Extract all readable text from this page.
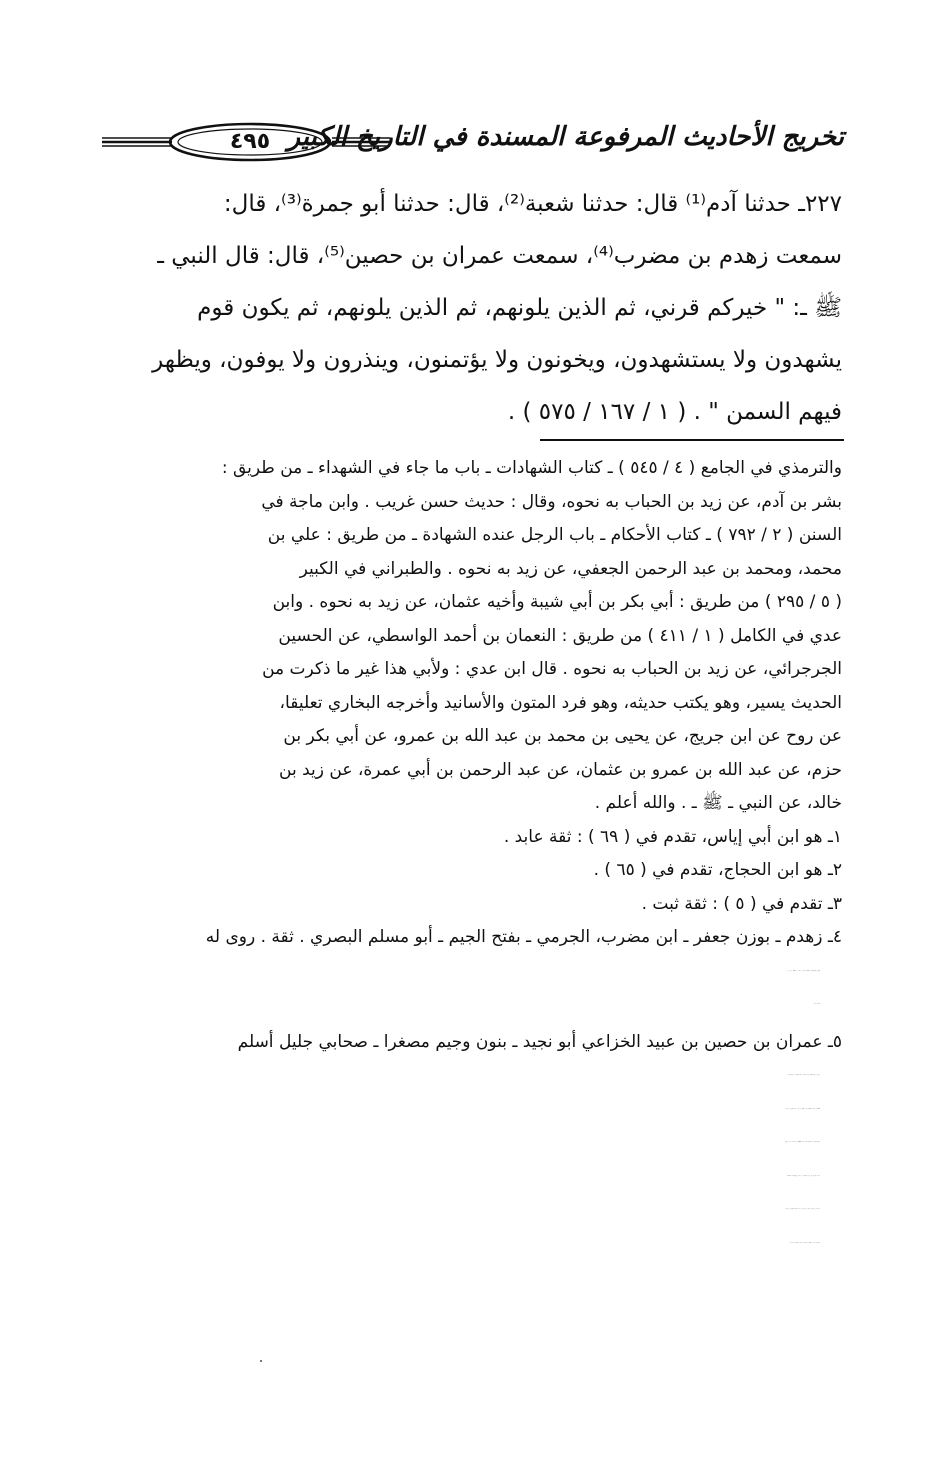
٤٩٥ تخريج الأحاديث المرفوعة المسندة في التاريخ الكبير
٢٢٧ـ حدثنا آدم⁽¹⁾ قال: حدثنا شعبة⁽²⁾، قال: حدثنا أبو جمرة⁽³⁾، قال:
سمعت زهدم بن مضرب⁽⁴⁾، سمعت عمران بن حصين⁽⁵⁾، قال: قال النبي ـ
ﷺ ـ: " خيركم قرني، ثم الذين يلونهم، ثم الذين يلونهم، ثم يكون قوم
يشهدون ولا يستشهدون، ويخونون ولا يؤتمنون، وينذرون ولا يوفون، ويظهر
فيهم السمن " . ( ١ / ١٦٧ / ٥٧٥ ) .
والترمذي في الجامع ( ٤ / ٥٤٥ ) ـ كتاب الشهادات ـ باب ما جاء في الشهداء ـ من طريق :
بشر بن آدم، عن زيد بن الحباب به نحوه، وقال : حديث حسن غريب . وابن ماجة في
السنن ( ٢ / ٧٩٢ ) ـ كتاب الأحكام ـ باب الرجل عنده الشهادة ـ من طريق : علي بن
محمد، ومحمد بن عبد الرحمن الجعفي، عن زيد به نحوه . والطبراني في الكبير
( ٥ / ٢٩٥ ) من طريق : أبي بكر بن أبي شيبة وأخيه عثمان، عن زيد به نحوه . وابن
عدي في الكامل ( ١ / ٤١١ ) من طريق : النعمان بن أحمد الواسطي، عن الحسين
الجرجرائي، عن زيد بن الحباب به نحوه . قال ابن عدي : ولأبي هذا غير ما ذكرت من
الحديث يسير، وهو يكتب حديثه، وهو فرد المتون والأسانيد وأخرجه البخاري تعليقا،
عن روح عن ابن جريج، عن يحيى بن محمد بن عبد الله بن عمرو، عن أبي بكر بن
حزم، عن عبد الله بن عمرو بن عثمان، عن عبد الرحمن بن أبي عمرة، عن زيد بن
خالد، عن النبي ـ ﷺ ـ . والله أعلم .
١ـ هو ابن أبي إياس، تقدم في ( ٦٩ ) : ثقة عابد .
٢ـ هو ابن الحجاج، تقدم في ( ٦٥ ) .
٣ـ تقدم في ( ٥ ) : ثقة ثبت .
٤ـ زهدم ـ بوزن جعفر ـ ابن مضرب، الجرمي ـ بفتح الجيم ـ أبو مسلم البصري . ثقة . روى له
البخاري ومسلم والترمذي والنسائي . الجرح ( ٣ / ٦١٧ )، ت . الكمال ( ١ / ٤٣٣ )،
التقريب ( ٢١٧ ) .
٥ـ عمران بن حصين بن عبيد الخزاعي أبو نجيد ـ بنون وجيم مصغرا ـ صحابي جليل أسلم
عام خيبر . وقضى بالكوفة . مات سنة اثنتين وخمسين بالبصرة . ـ رضي الله عنه ـ .
الطبقات ( ٤ / ٢٧٨ )، المشاهير ( ٣٧ )، الإصابة ( ٣ / ٢٧ ) . اخرجه البخاري في صحيحه
( الفتح ٥ / ٢٥٨ ) من هذا الوجه مثله . وأخرجه الطيالسي في مسنده ( ١١٣ ) من طريق :
شعبة به مثله . وابن أبي شيبة في المصنف ( ١٢ / ١٧٦ ) . والإمام أحمد في المسند
( ٤ / ٤٢٧ ) من طريق : محمد بن جعفر غندر، عن شعبة به مثله . والبخاري في صحيحه
( الفتح ١١ / ٢٤٤ ) . ومسلم في صحيحه ( ٤ / ١٩٦٤ ) ـ كلاهما ـ عن محمد بن
